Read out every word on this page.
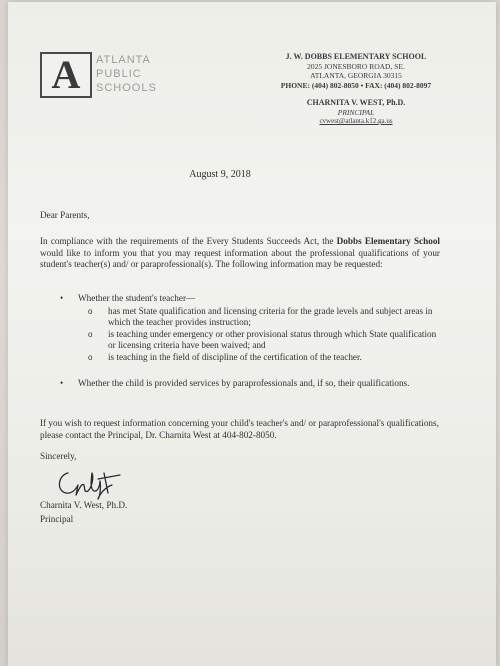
A	ATLANTA
PUBLIC
SCHOOLS
J. W. DOBBS ELEMENTARY SCHOOL
2025 JONESBORO ROAD, SE.
ATLANTA, GEORGIA 30315
PHONE: (404) 802-8050 • FAX: (404) 802-8097
CHARNITA V. WEST, Ph.D.
PRINCIPAL
cvwest@atlanta.k12.ga.us
August 9, 2018
Dear Parents,
In compliance with the requirements of the Every Students Succeeds Act, the Dobbs Elementary School would like to inform you that you may request information about the professional qualifications of your student's teacher(s) and/ or paraprofessional(s). The following information may be requested:
• Whether the student's teacher—
o has met State qualification and licensing criteria for the grade levels and subject areas in which the teacher provides instruction;
o is teaching under emergency or other provisional status through which State qualification or licensing criteria have been waived; and
o is teaching in the field of discipline of the certification of the teacher.
• Whether the child is provided services by paraprofessionals and, if so, their qualifications.
If you wish to request information concerning your child's teacher's and/ or paraprofessional's qualifications, please contact the Principal, Dr. Charnita West at 404-802-8050.
Sincerely,
Charnita V. West, Ph.D.
Principal
